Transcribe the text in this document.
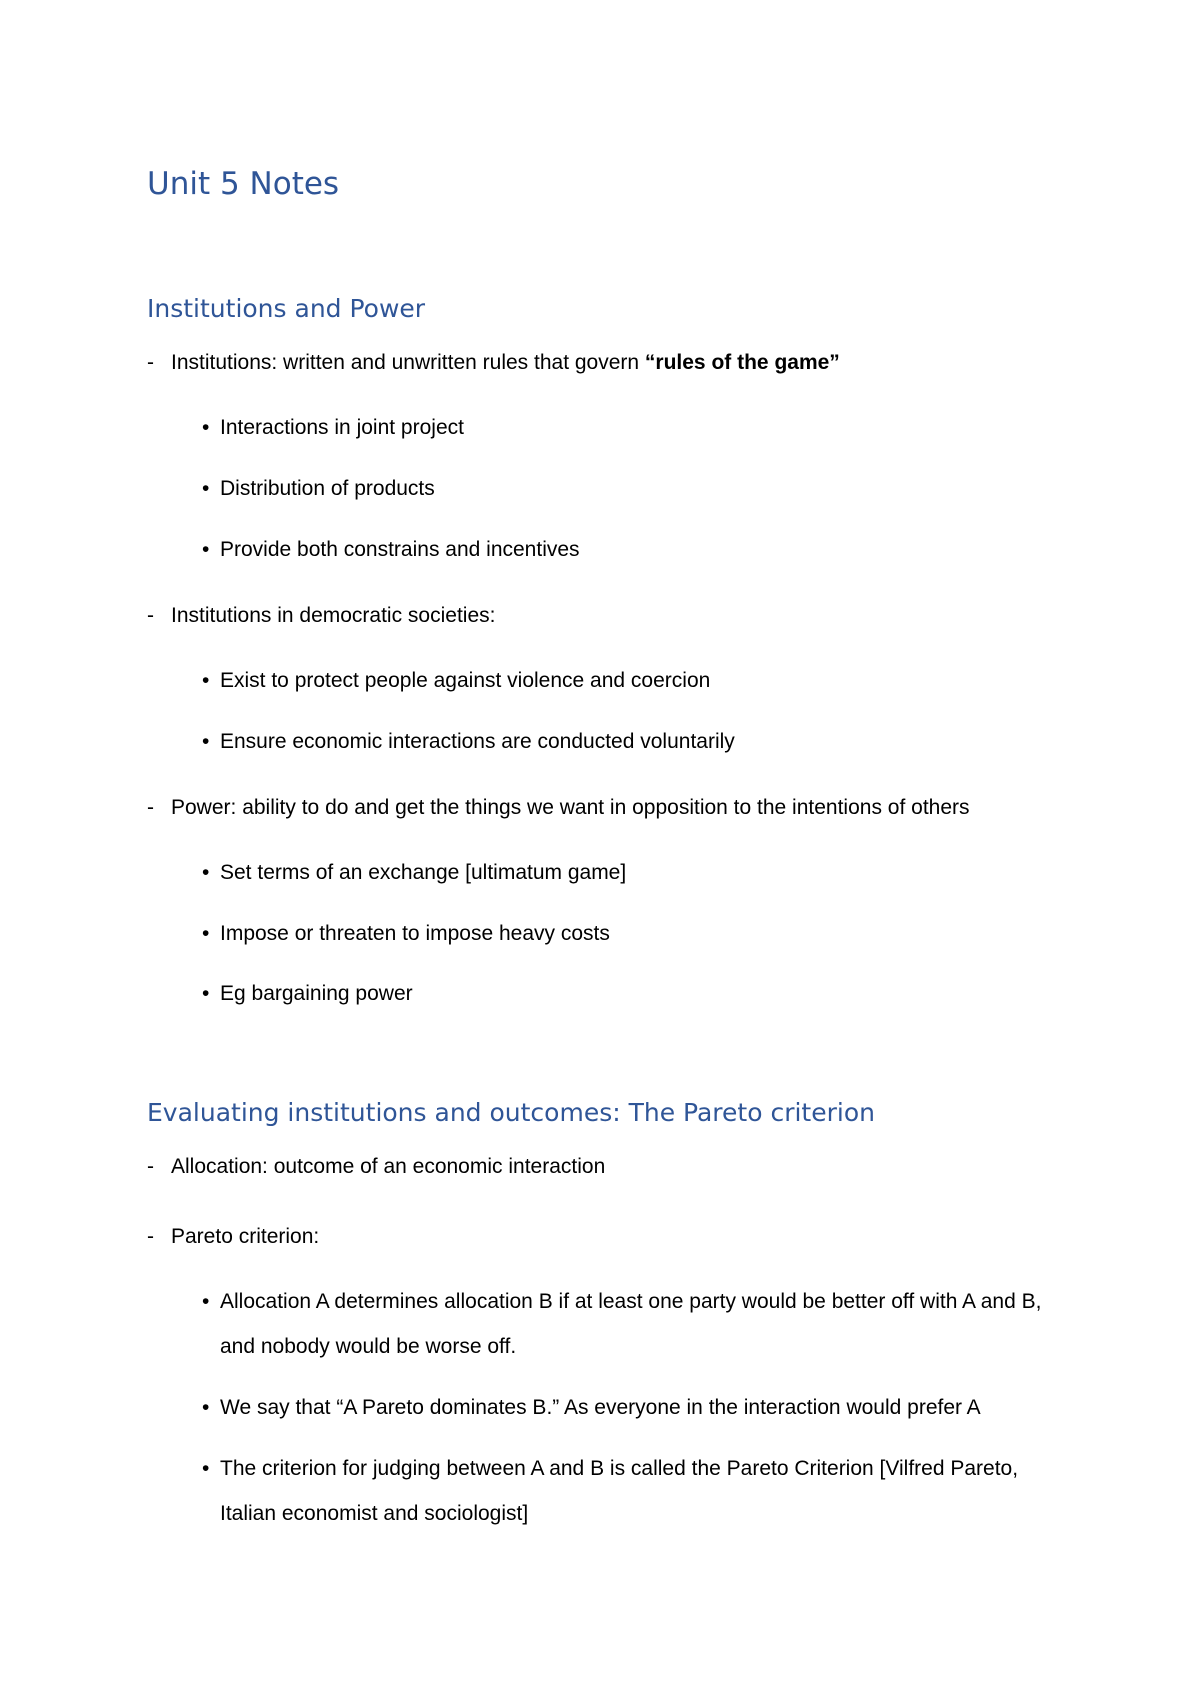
Unit 5 Notes
Institutions and Power
- Institutions: written and unwritten rules that govern “rules of the game”
• Interactions in joint project
• Distribution of products
• Provide both constrains and incentives
- Institutions in democratic societies:
• Exist to protect people against violence and coercion
• Ensure economic interactions are conducted voluntarily
- Power: ability to do and get the things we want in opposition to the intentions of others
• Set terms of an exchange [ultimatum game]
• Impose or threaten to impose heavy costs
• Eg bargaining power
Evaluating institutions and outcomes: The Pareto criterion
- Allocation: outcome of an economic interaction
- Pareto criterion:
• Allocation A determines allocation B if at least one party would be better off with A and B, and nobody would be worse off.
• We say that “A Pareto dominates B.” As everyone in the interaction would prefer A
• The criterion for judging between A and B is called the Pareto Criterion [Vilfred Pareto, Italian economist and sociologist]
